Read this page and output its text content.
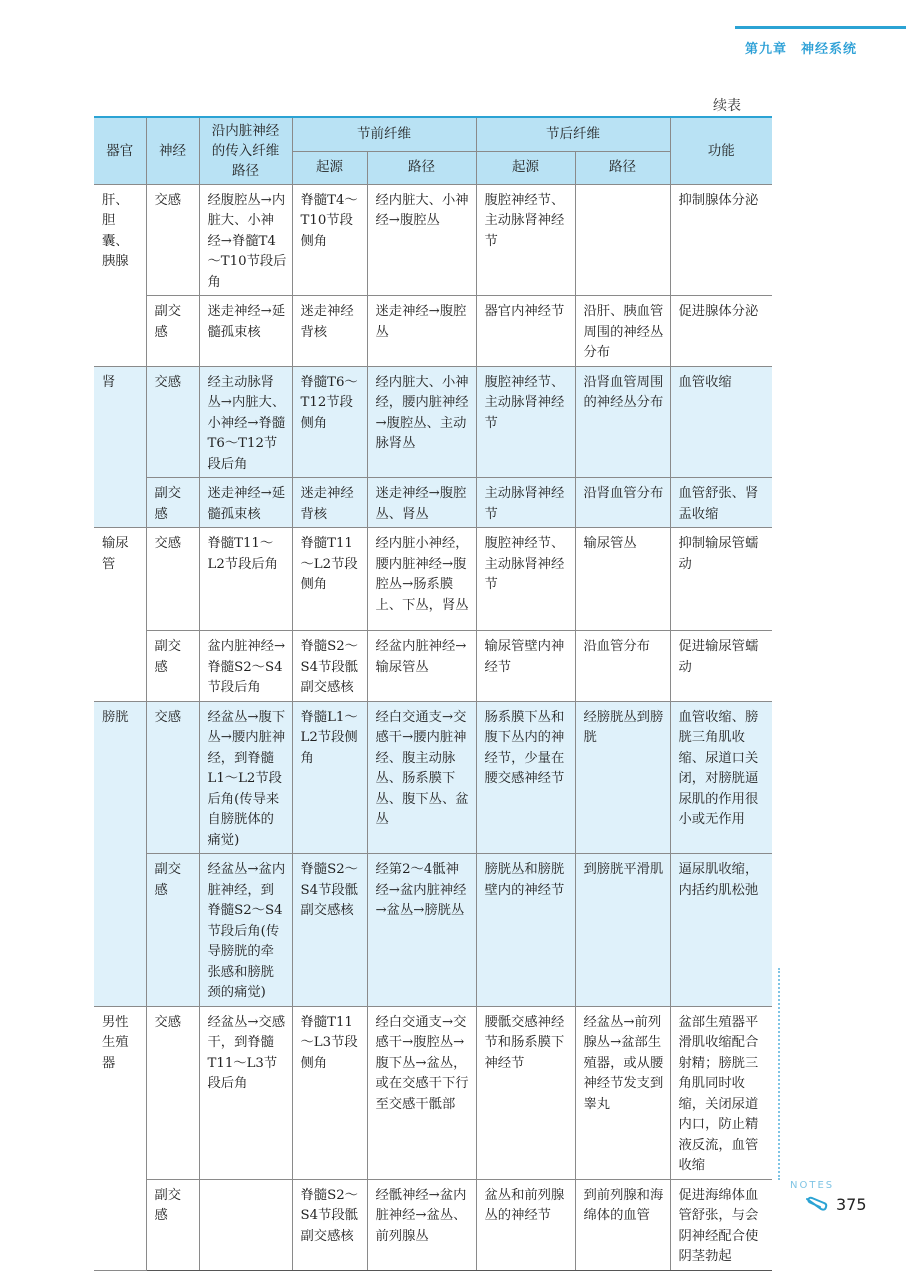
第九章　神经系统
续表
器官	神经	沿内脏神经的传入纤维路径	节前纤维		节后纤维		功能
			起源	路径	起源	路径	
肝、胆囊、胰腺	交感	经腹腔丛→内脏大、小神经→脊髓T4～T10节段后角	脊髓T4～T10节段侧角	经内脏大、小神经→腹腔丛	腹腔神经节、主动脉肾神经节		抑制腺体分泌
	副交感	迷走神经→延髓孤束核	迷走神经背核	迷走神经→腹腔丛	器官内神经节	沿肝、胰血管周围的神经丛分布	促进腺体分泌
肾	交感	经主动脉肾丛→内脏大、小神经→脊髓T6～T12节段后角	脊髓T6～T12节段侧角	经内脏大、小神经，腰内脏神经→腹腔丛、主动脉肾丛	腹腔神经节、主动脉肾神经节	沿肾血管周围的神经丛分布	血管收缩
	副交感	迷走神经→延髓孤束核	迷走神经背核	迷走神经→腹腔丛、肾丛	主动脉肾神经节	沿肾血管分布	血管舒张、肾盂收缩
输尿管	交感	脊髓T11～L2节段后角	脊髓T11～L2节段侧角	经内脏小神经，腰内脏神经→腹腔丛→肠系膜上、下丛，肾丛	腹腔神经节、主动脉肾神经节	输尿管丛	抑制输尿管蠕动
	副交感	盆内脏神经→脊髓S2～S4节段后角	脊髓S2～S4节段骶副交感核	经盆内脏神经→输尿管丛	输尿管壁内神经节	沿血管分布	促进输尿管蠕动
膀胱	交感	经盆丛→腹下丛→腰内脏神经，到脊髓L1～L2节段后角(传导来自膀胱体的痛觉)	脊髓L1～L2节段侧角	经白交通支→交感干→腰内脏神经、腹主动脉丛、肠系膜下丛、腹下丛、盆丛	肠系膜下丛和腹下丛内的神经节，少量在腰交感神经节	经膀胱丛到膀胱	血管收缩、膀胱三角肌收缩、尿道口关闭，对膀胱逼尿肌的作用很小或无作用
	副交感	经盆丛→盆内脏神经，到脊髓S2～S4节段后角(传导膀胱的牵张感和膀胱颈的痛觉)	脊髓S2～S4节段骶副交感核	经第2～4骶神经→盆内脏神经→盆丛→膀胱丛	膀胱丛和膀胱壁内的神经节	到膀胱平滑肌	逼尿肌收缩，内括约肌松弛
男性生殖器	交感	经盆丛→交感干，到脊髓T11～L3节段后角	脊髓T11～L3节段侧角	经白交通支→交感干→腹腔丛→腹下丛→盆丛，或在交感干下行至交感干骶部	腰骶交感神经节和肠系膜下神经节	经盆丛→前列腺丛→盆部生殖器，或从腰神经节发支到睾丸	盆部生殖器平滑肌收缩配合射精；膀胱三角肌同时收缩，关闭尿道内口，防止精液反流，血管收缩
	副交感		脊髓S2～S4节段骶副交感核	经骶神经→盆内脏神经→盆丛、前列腺丛	盆丛和前列腺丛的神经节	到前列腺和海绵体的血管	促进海绵体血管舒张，与会阴神经配合使阴茎勃起
NOTES
375
